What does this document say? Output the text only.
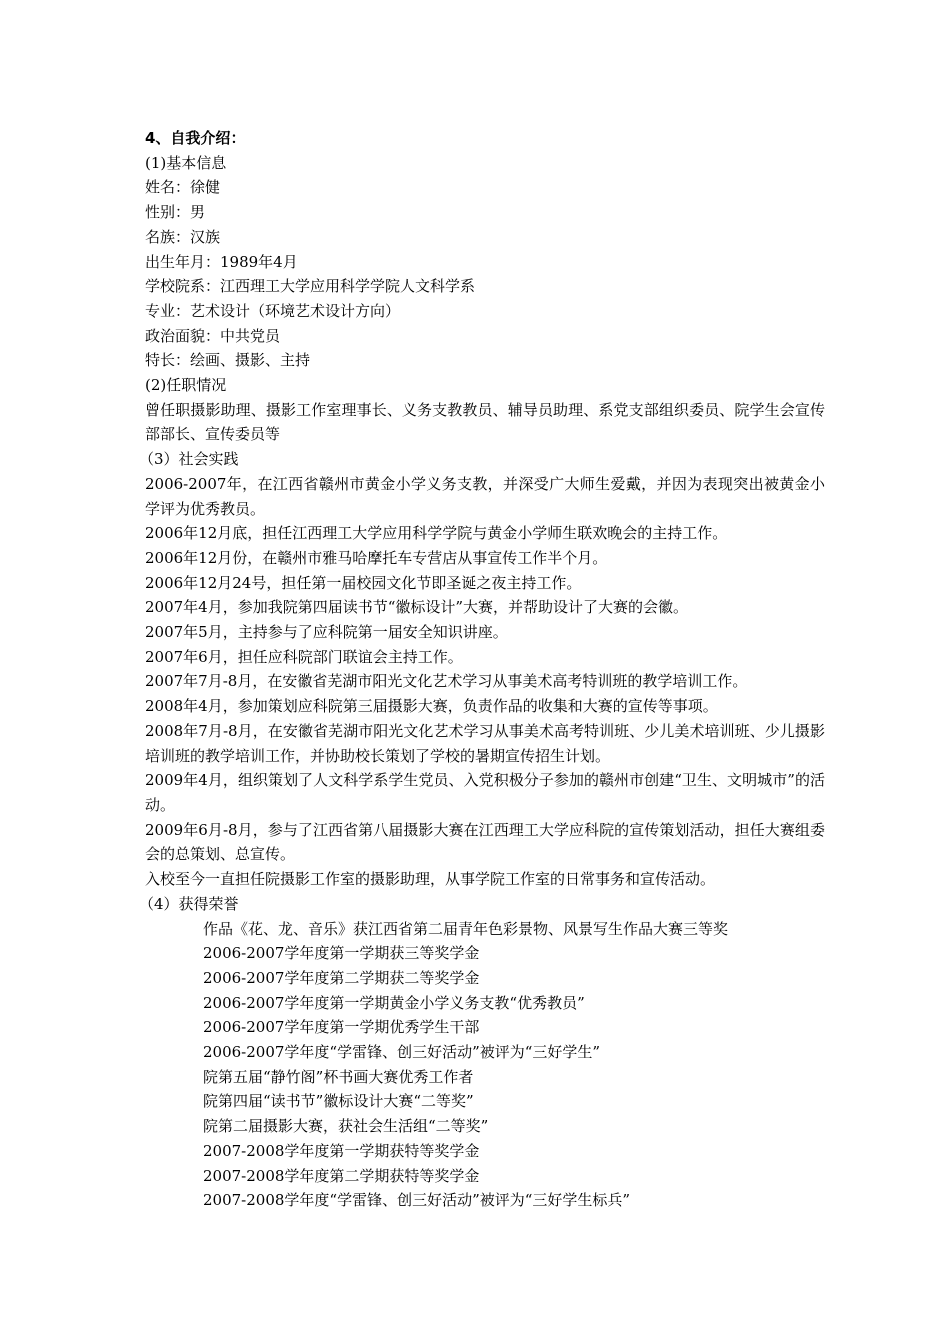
4、自我介绍：

(1)基本信息

姓名：徐健

性别：男

名族：汉族

出生年月：1989年4月

学校院系：江西理工大学应用科学学院人文科学系

专业：艺术设计（环境艺术设计方向）

政治面貌：中共党员

特长：绘画、摄影、主持

(2)任职情况

曾任职摄影助理、摄影工作室理事长、义务支教教员、辅导员助理、系党支部组织委员、院学生会宣传部部长、宣传委员等

（3）社会实践

2006-2007年，在江西省赣州市黄金小学义务支教，并深受广大师生爱戴，并因为表现突出被黄金小学评为优秀教员。

2006年12月底，担任江西理工大学应用科学学院与黄金小学师生联欢晚会的主持工作。

2006年12月份，在赣州市雅马哈摩托车专营店从事宣传工作半个月。

2006年12月24号，担任第一届校园文化节即圣诞之夜主持工作。

2007年4月，参加我院第四届读书节“徽标设计”大赛，并帮助设计了大赛的会徽。

2007年5月，主持参与了应科院第一届安全知识讲座。

2007年6月，担任应科院部门联谊会主持工作。

2007年7月-8月，在安徽省芜湖市阳光文化艺术学习从事美术高考特训班的教学培训工作。

2008年4月，参加策划应科院第三届摄影大赛，负责作品的收集和大赛的宣传等事项。

2008年7月-8月，在安徽省芜湖市阳光文化艺术学习从事美术高考特训班、少儿美术培训班、少儿摄影培训班的教学培训工作，并协助校长策划了学校的暑期宣传招生计划。

2009年4月，组织策划了人文科学系学生党员、入党积极分子参加的赣州市创建“卫生、文明城市”的活动。

2009年6月-8月，参与了江西省第八届摄影大赛在江西理工大学应科院的宣传策划活动，担任大赛组委会的总策划、总宣传。

入校至今一直担任院摄影工作室的摄影助理，从事学院工作室的日常事务和宣传活动。

（4）获得荣誉

作品《花、龙、音乐》获江西省第二届青年色彩景物、风景写生作品大赛三等奖

2006-2007学年度第一学期获三等奖学金

2006-2007学年度第二学期获二等奖学金

2006-2007学年度第一学期黄金小学义务支教“优秀教员”

2006-2007学年度第一学期优秀学生干部

2006-2007学年度“学雷锋、创三好活动”被评为“三好学生”

院第五届“静竹阁”杯书画大赛优秀工作者

院第四届“读书节”徽标设计大赛“二等奖”

院第二届摄影大赛，获社会生活组“二等奖”

2007-2008学年度第一学期获特等奖学金

2007-2008学年度第二学期获特等奖学金

2007-2008学年度“学雷锋、创三好活动”被评为“三好学生标兵”
